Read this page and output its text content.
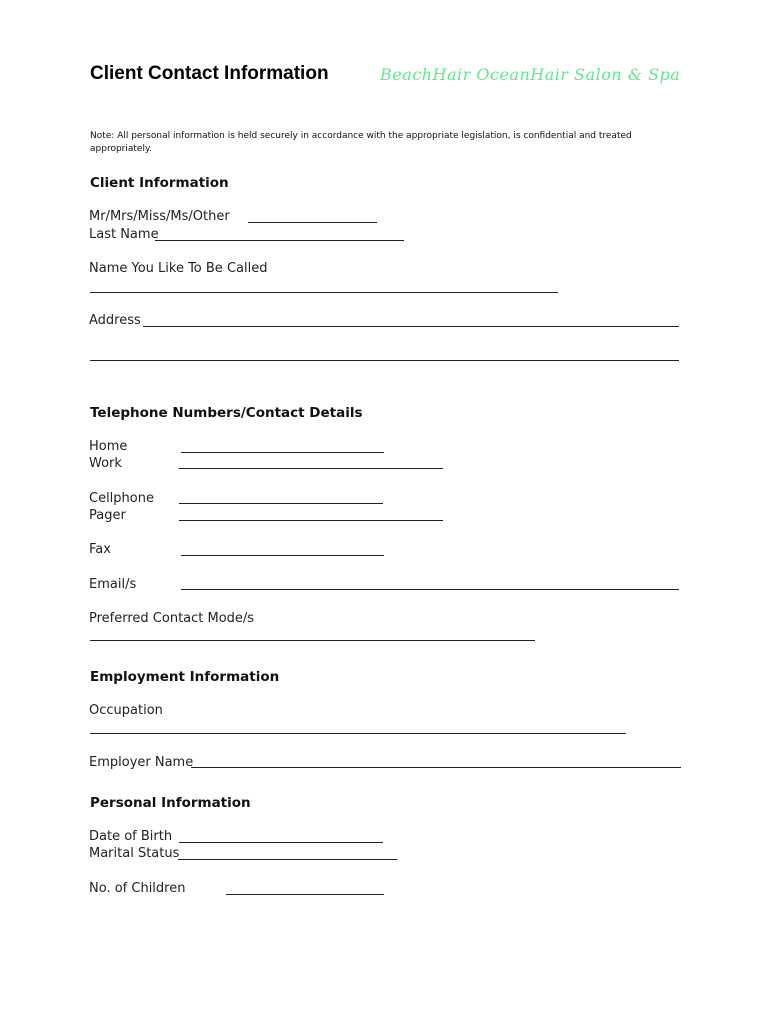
Client Contact Information	BeachHair OceanHair Salon & Spa
Note: All personal information is held securely in accordance with the appropriate legislation, is confidential and treated
appropriately.
Client Information
Mr/Mrs/Miss/Ms/Other
Last Name
Name You Like To Be Called
Address
Telephone Numbers/Contact Details
Home
Work
Cellphone
Pager
Fax
Email/s
Preferred Contact Mode/s
Employment Information
Occupation
Employer Name
Personal Information
Date of Birth
Marital Status
No. of Children
